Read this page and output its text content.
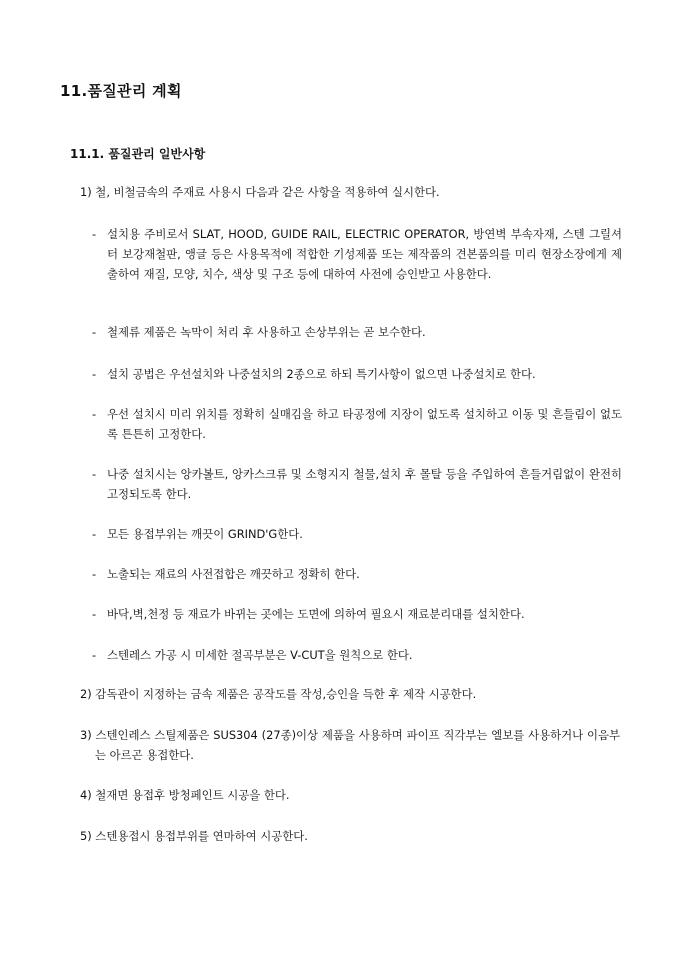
11.품질관리 계획
11.1. 품질관리 일반사항
1) 철, 비철금속의 주재료 사용시 다음과 같은 사항을 적용하여 실시한다.
- 설치용 주비로서 SLAT, HOOD, GUIDE RAIL, ELECTRIC OPERATOR, 방연벽 부속자재, 스텐 그릴셔터 보강재철판, 앵글 등은 사용목적에 적합한 기성제품 또는 제작품의 견본품의를 미리 현장소장에게 제출하여 재질, 모양, 치수, 색상 및 구조 등에 대하여 사전에 승인받고 사용한다.
- 철제류 제품은 녹막이 처리 후 사용하고 손상부위는 곧 보수한다.
- 설치 공법은 우선설치와 나중설치의 2종으로 하되 특기사항이 없으면 나중설치로 한다.
- 우선 설치시 미리 위치를 정확히 실매김을 하고 타공정에 지장이 없도록 설치하고 이동 및 흔들림이 없도록 튼튼히 고정한다.
- 나중 설치시는 앙카볼트, 앙카스크류 및 소형지지 철물,설치 후 몰탈 등을 주입하여 흔들거림없이 완전히 고정되도록 한다.
- 모든 용접부위는 깨끗이 GRIND'G한다.
- 노출되는 재료의 사전접합은 깨끗하고 정확히 한다.
- 바닥,벽,천정 등 재료가 바뀌는 곳에는 도면에 의하여 필요시 재료분리대를 설치한다.
- 스텐레스 가공 시 미세한 절곡부분은 V-CUT을 원칙으로 한다.
2) 감독관이 지정하는 금속 제품은 공작도를 작성,승인을 득한 후 제작 시공한다.
3) 스텐인레스 스틸제품은 SUS304 (27종)이상 제품을 사용하며 파이프 직각부는 엘보를 사용하거나 이음부는 아르곤 용접한다.
4) 철재면 용접후 방청페인트 시공을 한다.
5) 스텐용접시 용접부위를 연마하여 시공한다.
